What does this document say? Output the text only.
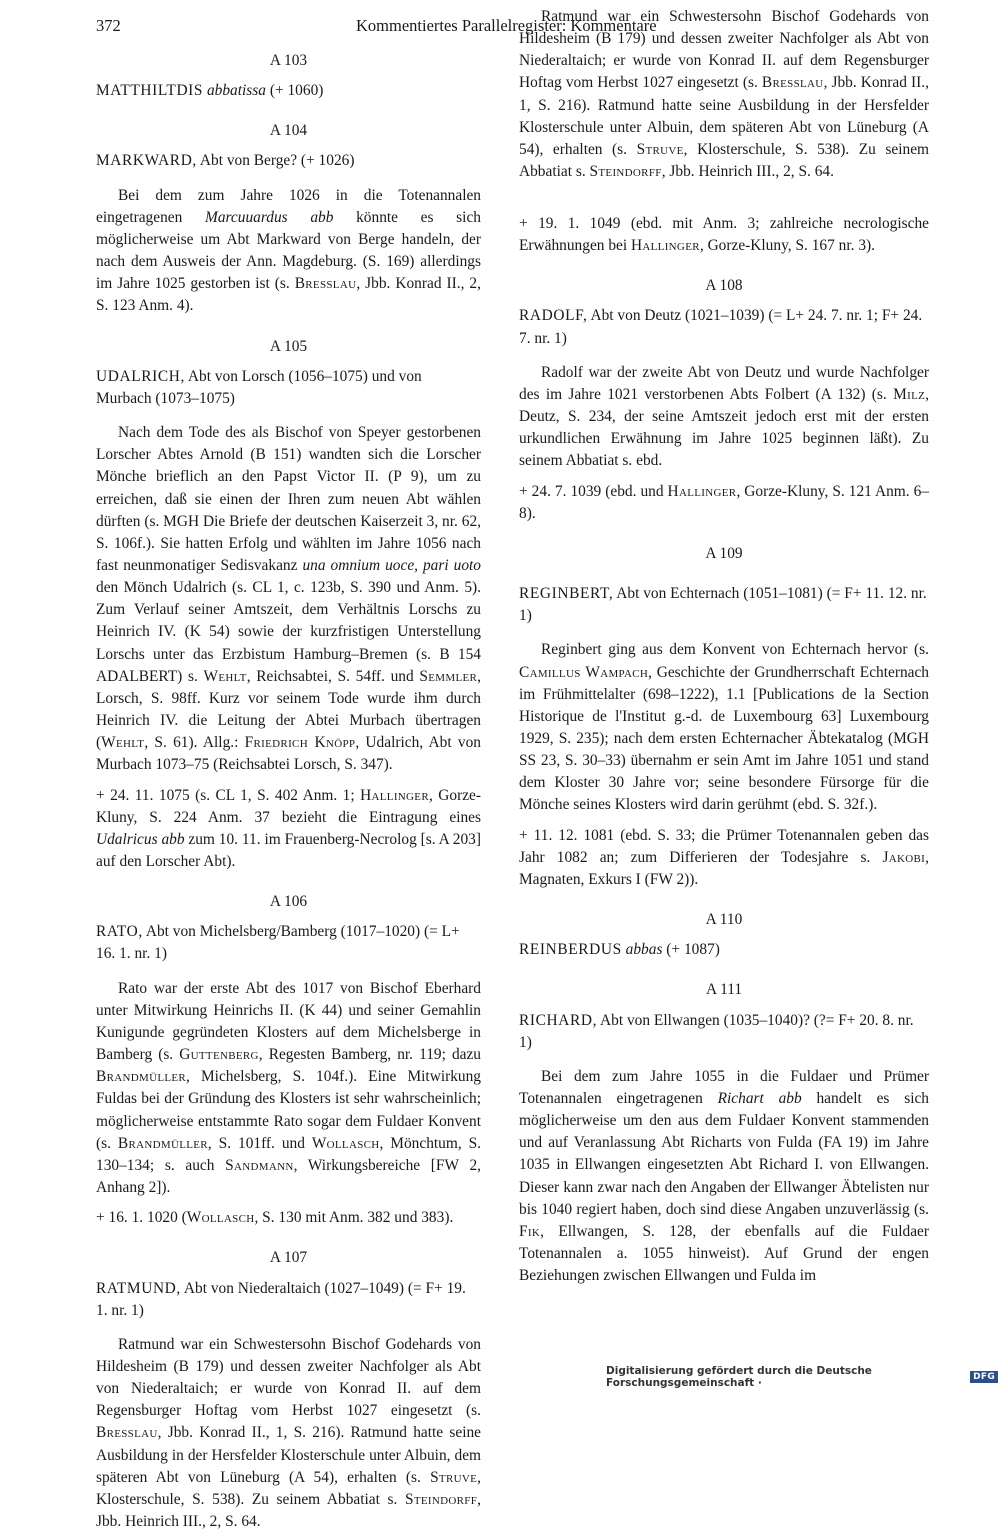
372	Kommentiertes Parallelregister: Kommentare

A 103

MATTHILTDIS abbatissa (+ 1060)

A 104

MARKWARD, Abt von Berge? (+ 1026)

Bei dem zum Jahre 1026 in die Totenannalen eingetragenen Marcuuardus abb könnte es sich möglicherweise um Abt Markward von Berge handeln, der nach dem Ausweis der Ann. Magdeburg. (S. 169) allerdings im Jahre 1025 gestorben ist (s. Bresslau, Jbb. Konrad II., 2, S. 123 Anm. 4).

A 105

UDALRICH, Abt von Lorsch (1056–1075) und von Murbach (1073–1075)

Nach dem Tode des als Bischof von Speyer gestorbenen Lorscher Abtes Arnold (B 151) wandten sich die Lorscher Mönche brieflich an den Papst Victor II. (P 9), um zu erreichen, daß sie einen der Ihren zum neuen Abt wählen dürften (s. MGH Die Briefe der deutschen Kaiserzeit 3, nr. 62, S. 106f.). Sie hatten Erfolg und wählten im Jahre 1056 nach fast neunmonatiger Sedisvakanz una omnium uoce, pari uoto den Mönch Udalrich (s. CL 1, c. 123b, S. 390 und Anm. 5). Zum Verlauf seiner Amtszeit, dem Verhältnis Lorschs zu Heinrich IV. (K 54) sowie der kurzfristigen Unterstellung Lorschs unter das Erzbistum Hamburg–Bremen (s. B 154 ADALBERT) s. Wehlt, Reichsabtei, S. 54ff. und Semmler, Lorsch, S. 98ff. Kurz vor seinem Tode wurde ihm durch Heinrich IV. die Leitung der Abtei Murbach übertragen (Wehlt, S. 61). Allg.: Friedrich Knöpp, Udalrich, Abt von Murbach 1073–75 (Reichsabtei Lorsch, S. 347).

+ 24. 11. 1075 (s. CL 1, S. 402 Anm. 1; Hallinger, Gorze-Kluny, S. 224 Anm. 37 bezieht die Eintragung eines Udalricus abb zum 10. 11. im Frauenberg-Necrolog [s. A 203] auf den Lorscher Abt).

A 106

RATO, Abt von Michelsberg/Bamberg (1017–1020) (= L+ 16. 1. nr. 1)

Rato war der erste Abt des 1017 von Bischof Eberhard unter Mitwirkung Heinrichs II. (K 44) und seiner Gemahlin Kunigunde gegründeten Klosters auf dem Michelsberge in Bamberg (s. Guttenberg, Regesten Bamberg, nr. 119; dazu Brandmüller, Michelsberg, S. 104f.). Eine Mitwirkung Fuldas bei der Gründung des Klosters ist sehr wahrscheinlich; möglicherweise entstammte Rato sogar dem Fuldaer Konvent (s. Brandmüller, S. 101ff. und Wollasch, Mönchtum, S. 130–134; s. auch Sandmann, Wirkungsbereiche [FW 2, Anhang 2]).

+ 16. 1. 1020 (Wollasch, S. 130 mit Anm. 382 und 383).

A 107

RATMUND, Abt von Niederaltaich (1027–1049) (= F+ 19. 1. nr. 1)

Ratmund war ein Schwestersohn Bischof Godehards von Hildesheim (B 179) und dessen zweiter Nachfolger als Abt von Niederaltaich; er wurde von Konrad II. auf dem Regensburger Hoftag vom Herbst 1027 eingesetzt (s. Bresslau, Jbb. Konrad II., 1, S. 216). Ratmund hatte seine Ausbildung in der Hersfelder Klosterschule unter Albuin, dem späteren Abt von Lüneburg (A 54), erhalten (s. Struve, Klosterschule, S. 538). Zu seinem Abbatiat s. Steindorff, Jbb. Heinrich III., 2, S. 64.

Ratmund war ein Schwestersohn Bischof Godehards von Hildesheim (B 179) und dessen zweiter Nachfolger als Abt von Niederaltaich; er wurde von Konrad II. auf dem Regensburger Hoftag vom Herbst 1027 eingesetzt (s. Bresslau, Jbb. Konrad II., 1, S. 216). Ratmund hatte seine Ausbildung in der Hersfelder Klosterschule unter Albuin, dem späteren Abt von Lüneburg (A 54), erhalten (s. Struve, Klosterschule, S. 538). Zu seinem Abbatiat s. Steindorff, Jbb. Heinrich III., 2, S. 64.

+ 19. 1. 1049 (ebd. mit Anm. 3; zahlreiche necrologische Erwähnungen bei Hallinger, Gorze-Kluny, S. 167 nr. 3).

A 108

RADOLF, Abt von Deutz (1021–1039) (= L+ 24. 7. nr. 1; F+ 24. 7. nr. 1)

Radolf war der zweite Abt von Deutz und wurde Nachfolger des im Jahre 1021 verstorbenen Abts Folbert (A 132) (s. Milz, Deutz, S. 234, der seine Amtszeit jedoch erst mit der ersten urkundlichen Erwähnung im Jahre 1025 beginnen läßt). Zu seinem Abbatiat s. ebd.

+ 24. 7. 1039 (ebd. und Hallinger, Gorze-Kluny, S. 121 Anm. 6–8).

A 109

REGINBERT, Abt von Echternach (1051–1081) (= F+ 11. 12. nr. 1)

Reginbert ging aus dem Konvent von Echternach hervor (s. Camillus Wampach, Geschichte der Grundherrschaft Echternach im Frühmittelalter (698–1222), 1.1 [Publications de la Section Historique de l'Institut g.-d. de Luxembourg 63] Luxembourg 1929, S. 235); nach dem ersten Echternacher Äbtekatalog (MGH SS 23, S. 30–33) übernahm er sein Amt im Jahre 1051 und stand dem Kloster 30 Jahre vor; seine besondere Fürsorge für die Mönche seines Klosters wird darin gerühmt (ebd. S. 32f.).

+ 11. 12. 1081 (ebd. S. 33; die Prümer Totenannalen geben das Jahr 1082 an; zum Differieren der Todesjahre s. Jakobi, Magnaten, Exkurs I (FW 2)).

A 110

REINBERDUS abbas (+ 1087)

A 111

RICHARD, Abt von Ellwangen (1035–1040)? (?= F+ 20. 8. nr. 1)

Bei dem zum Jahre 1055 in die Fuldaer und Prümer Totenannalen eingetragenen Richart abb handelt es sich möglicherweise um den aus dem Fuldaer Konvent stammenden und auf Veranlassung Abt Richarts von Fulda (FA 19) im Jahre 1035 in Ellwangen eingesetzten Abt Richard I. von Ellwangen. Dieser kann zwar nach den Angaben der Ellwanger Äbtelisten nur bis 1040 regiert haben, doch sind diese Angaben unzuverlässig (s. Fik, Ellwangen, S. 128, der ebenfalls auf die Fuldaer Totenannalen a. 1055 hinweist). Auf Grund der engen Beziehungen zwischen Ellwangen und Fulda im

Digitalisierung gefördert durch die Deutsche Forschungsgemeinschaft ·	DFG
